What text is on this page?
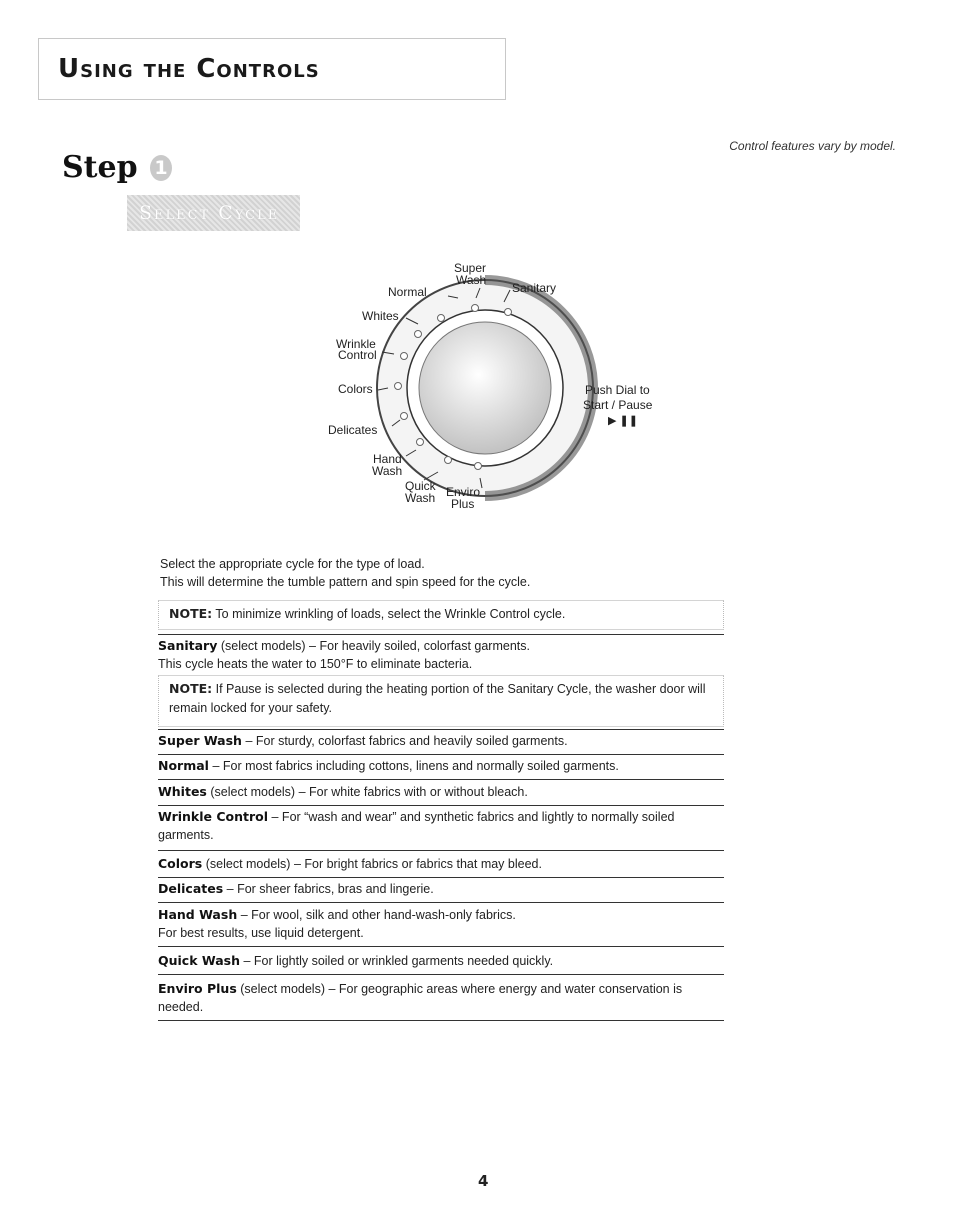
Using the Controls
Control features vary by model.
Step 1
Select Cycle
Super
Wash
Sanitary
Normal
Whites
Wrinkle
Control
Colors
Delicates
Hand
Wash
Quick
Wash Enviro
Plus
Push Dial to
Start / Pause
▶ ❚❚
Select the appropriate cycle for the type of load.
This will determine the tumble pattern and spin speed for the cycle.
NOTE: To minimize wrinkling of loads, select the Wrinkle Control cycle.
Sanitary (select models) – For heavily soiled, colorfast garments.
This cycle heats the water to 150°F to eliminate bacteria.
NOTE: If Pause is selected during the heating portion of the Sanitary Cycle, the washer door will remain locked for your safety.
Super Wash – For sturdy, colorfast fabrics and heavily soiled garments.
Normal – For most fabrics including cottons, linens and normally soiled garments.
Whites (select models) – For white fabrics with or without bleach.
Wrinkle Control – For “wash and wear” and synthetic fabrics and lightly to normally soiled garments.
Colors (select models) – For bright fabrics or fabrics that may bleed.
Delicates – For sheer fabrics, bras and lingerie.
Hand Wash – For wool, silk and other hand-wash-only fabrics.
For best results, use liquid detergent.
Quick Wash – For lightly soiled or wrinkled garments needed quickly.
Enviro Plus (select models) – For geographic areas where energy and water conservation is needed.
4
